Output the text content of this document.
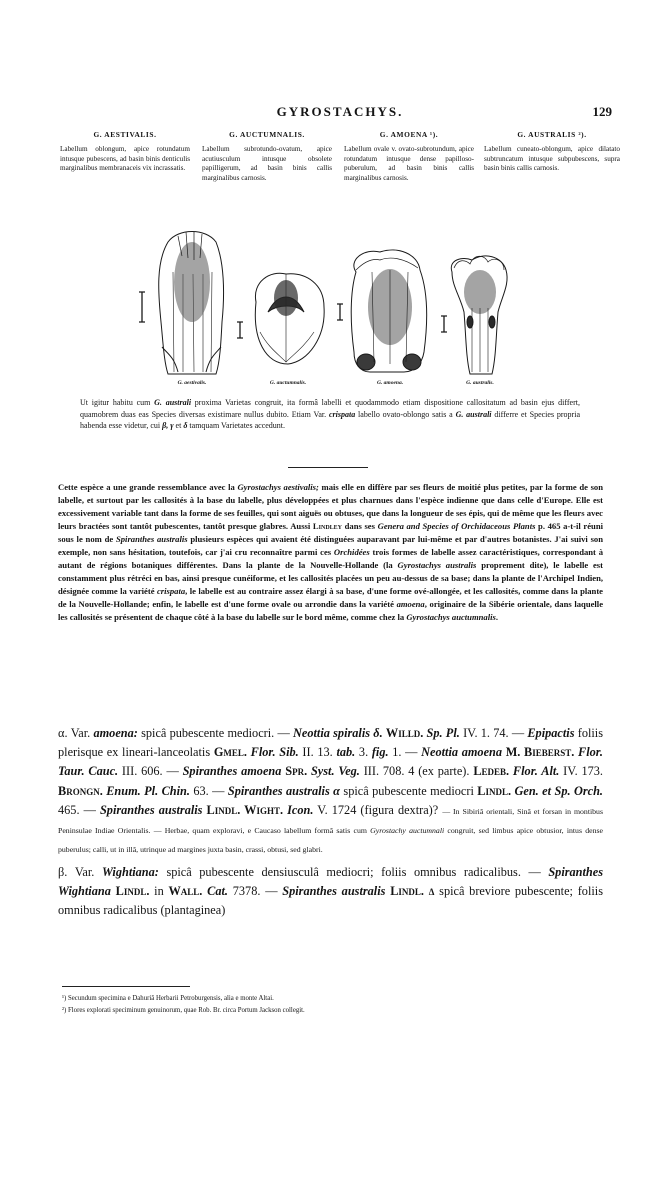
GYROSTACHYS.	129
G. AESTIVALIS.
Labellum oblongum, apice rotundatum intusque pubescens, ad basin binis denticulis marginalibus membranaceis vix incrassatis.
G. AUCTUMNALIS.
Labellum subrotundo-ovatum, apice acutiusculum intusque obsolete papilligerum, ad basin binis callis marginalibus carnosis.
G. AMOENA ¹).
Labellum ovale v. ovato-subrotundum, apice rotundatum intusque dense papilloso-puberulum, ad basin binis callis marginalibus carnosis.
G. AUSTRALIS ²).
Labellum cuneato-oblongum, apice dilatato subtruncatum intusque subpubescens, supra basin binis callis carnosis.
G. aestivalis.	G. auctumnalis.	G. amoena.	G. australis.
Ut igitur habitu cum G. australi proxima Varietas congruit, ita formâ labelli et quodammodo etiam dispositione callositatum ad basin ejus differt, quamobrem duas eas Species diversas existimare nullus dubito. Etiam Var. crispata labello ovato-oblongo satis a G. australi differre et Species propria habenda esse videtur, cui β, γ et δ tamquam Varietates accedunt.
Cette espèce a une grande ressemblance avec la Gyrostachys aestivalis; mais elle en diffère par ses fleurs de moitié plus petites, par la forme de son labelle, et surtout par les callosités à la base du labelle, plus développées et plus charnues dans l'espèce indienne que dans celle d'Europe. Elle est excessivement variable tant dans la forme de ses feuilles, qui sont aiguës ou obtuses, que dans la longueur de ses épis, qui de même que les fleurs avec leurs bractées sont tantôt pubescentes, tantôt presque glabres. Aussi Lindley dans ses Genera and Species of Orchidaceous Plants p. 465 a-t-il réuni sous le nom de Spiranthes australis plusieurs espèces qui avaient été distinguées auparavant par lui-même et par d'autres botanistes. J'ai suivi son exemple, non sans hésitation, toutefois, car j'ai cru reconnaître parmi ces Orchidées trois formes de labelle assez caractéristiques, correspondant à autant de régions botaniques différentes. Dans la plante de la Nouvelle-Hollande (la Gyrostachys australis proprement dite), le labelle est constamment plus rétréci en bas, ainsi presque cunéiforme, et les callosités placées un peu au-dessus de sa base; dans la plante de l'Archipel Indien, désignée comme la variété crispata, le labelle est au contraire assez élargi à sa base, d'une forme ové-allongée, et les callosités, comme dans la plante de la Nouvelle-Hollande; enfin, le labelle est d'une forme ovale ou arrondie dans la variété amoena, originaire de la Sibérie orientale, dans laquelle les callosités se présentent de chaque côté à la base du labelle sur le bord même, comme chez la Gyrostachys auctumnalis.
α. Var. amoena: spicâ pubescente mediocri. — Neottia spiralis δ. Willd. Sp. Pl. IV. 1. 74. — Epipactis foliis plerisque ex lineari-lanceolatis Gmel. Flor. Sib. II. 13. tab. 3. fig. 1. — Neottia amoena M. Bieberst. Flor. Taur. Cauc. III. 606. — Spiranthes amoena Spr. Syst. Veg. III. 708. 4 (ex parte). Ledeb. Flor. Alt. IV. 173. Brongn. Enum. Pl. Chin. 63. — Spiranthes australis α spicâ pubescente mediocri Lindl. Gen. et Sp. Orch. 465. — Spiranthes australis Lindl. Wight. Icon. V. 1724 (figura dextra)? — In Sibiriâ orientali, Sinâ et forsan in montibus Peninsulae Indiae Orientalis. — Herbae, quam exploravi, e Caucaso labellum formâ satis cum Gyrostachy auctumnali congruit, sed limbus apice obtusior, intus dense puberulus; calli, ut in illâ, utrinque ad margines juxta basin, crassi, obtusi, sed glabri.
β. Var. Wightiana: spicâ pubescente densiusculâ mediocri; foliis omnibus radicalibus. — Spiranthes Wightiana Lindl. in Wall. Cat. 7378. — Spiranthes australis Lindl. δ spicâ breviore pubescente; foliis omnibus radicalibus (plantaginea)
¹) Secundum specimina e Dahuriâ Herbarii Petroburgensis, alia e monte Altai.
²) Flores explorati speciminum genuinorum, quae Rob. Br. circa Portum Jackson collegit.
